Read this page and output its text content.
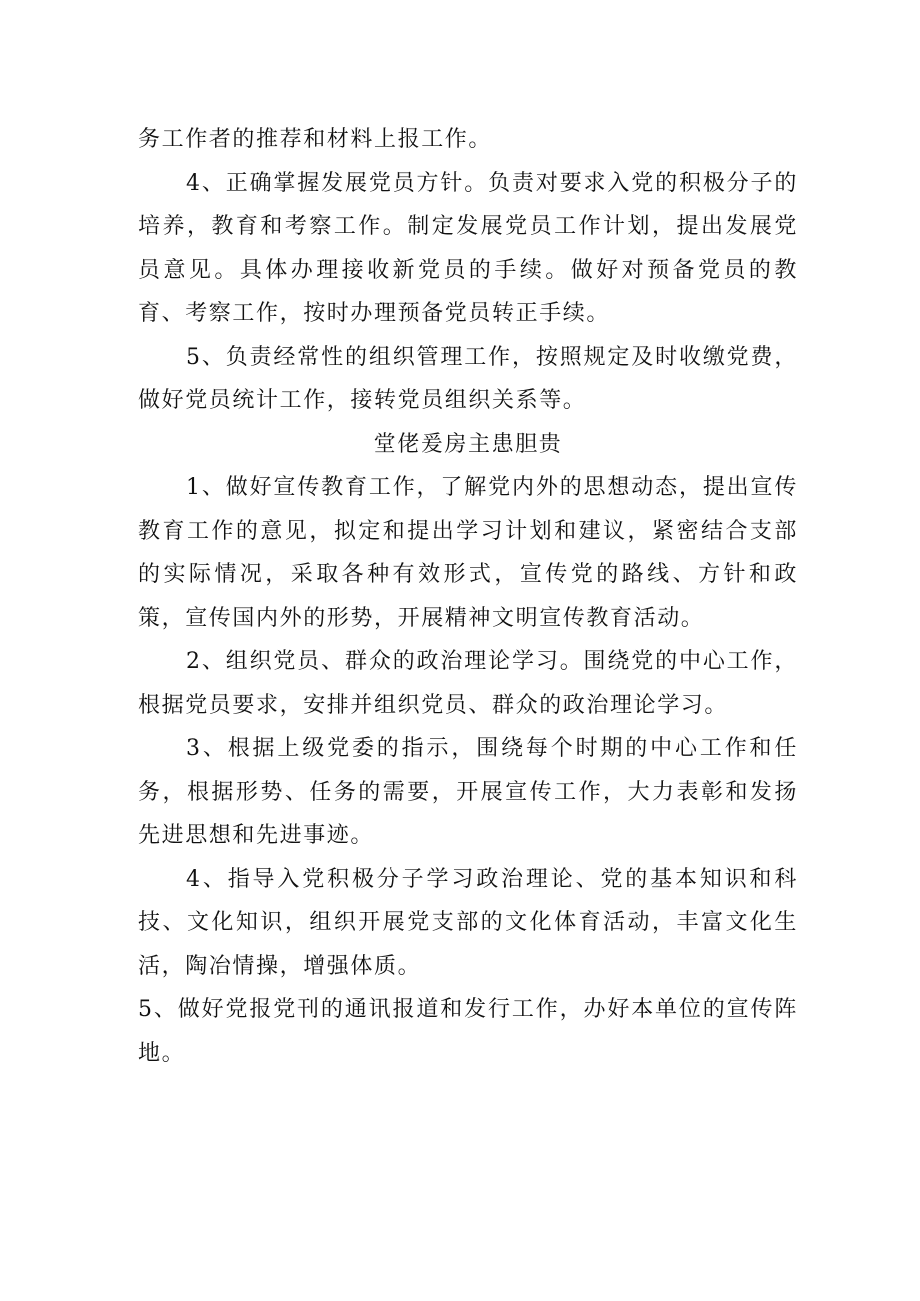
务工作者的推荐和材料上报工作。

4、正确掌握发展党员方针。负责对要求入党的积极分子的培养，教育和考察工作。制定发展党员工作计划，提出发展党员意见。具体办理接收新党员的手续。做好对预备党员的教育、考察工作，按时办理预备党员转正手续。

5、负责经常性的组织管理工作，按照规定及时收缴党费，做好党员统计工作，接转党员组织关系等。

堂佬爰房主患胆贵

1、做好宣传教育工作，了解党内外的思想动态，提出宣传教育工作的意见，拟定和提出学习计划和建议，紧密结合支部的实际情况，采取各种有效形式，宣传党的路线、方针和政策，宣传国内外的形势，开展精神文明宣传教育活动。

2、组织党员、群众的政治理论学习。围绕党的中心工作，根据党员要求，安排并组织党员、群众的政治理论学习。

3、根据上级党委的指示，围绕每个时期的中心工作和任务，根据形势、任务的需要，开展宣传工作，大力表彰和发扬先进思想和先进事迹。

4、指导入党积极分子学习政治理论、党的基本知识和科技、文化知识，组织开展党支部的文化体育活动，丰富文化生活，陶冶情操，增强体质。

5、做好党报党刊的通讯报道和发行工作，办好本单位的宣传阵地。
